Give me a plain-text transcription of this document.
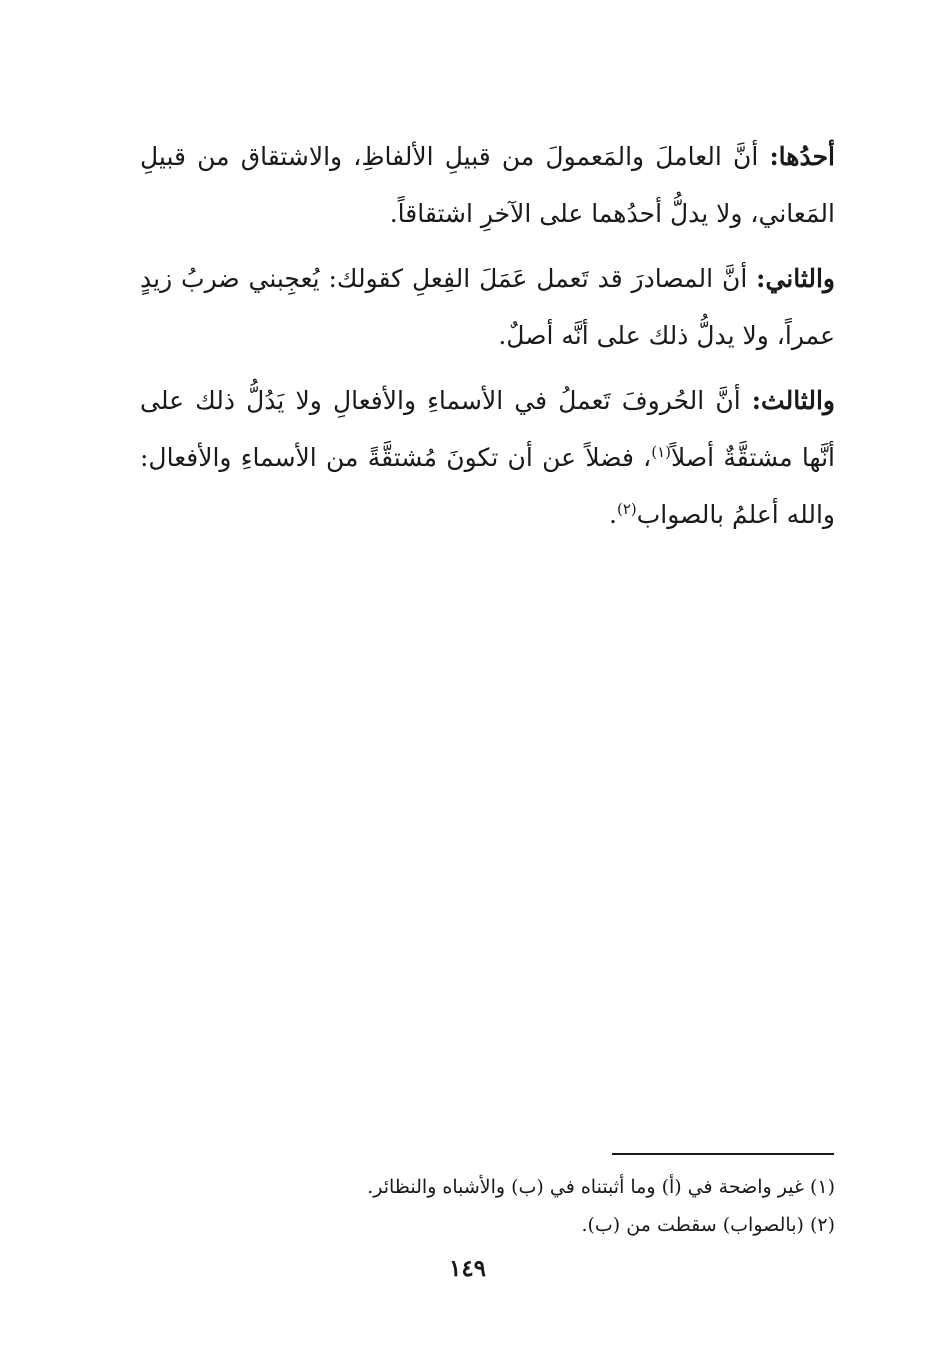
أحدُها: أنَّ العاملَ والمَعمولَ من قبيلِ الألفاظِ، والاشتقاق من قبيلِ المَعاني، ولا يدلُّ أحدُهما على الآخرِ اشتقاقاً.

والثاني: أنَّ المصادرَ قد تَعمل عَمَلَ الفِعلِ كقولك: يُعجِبني ضربُ زيدٍ عمراً، ولا يدلُّ ذلك على أنَّه أصلٌ.

والثالث: أنَّ الحُروفَ تَعملُ في الأسماءِ والأفعالِ ولا يَدُلُّ ذلك على أنَّها مشتقَّةٌ أصلاً$^{(١)}$، فضلاً عن أن تكونَ مُشتقَّةً من الأسماءِ والأفعال: والله أعلمُ بالصواب$^{(٢)}$.

(١) غير واضحة في (أ) وما أثبتناه في (ب) والأشباه والنظائر.

(٢) (بالصواب) سقطت من (ب).

١٤٩
